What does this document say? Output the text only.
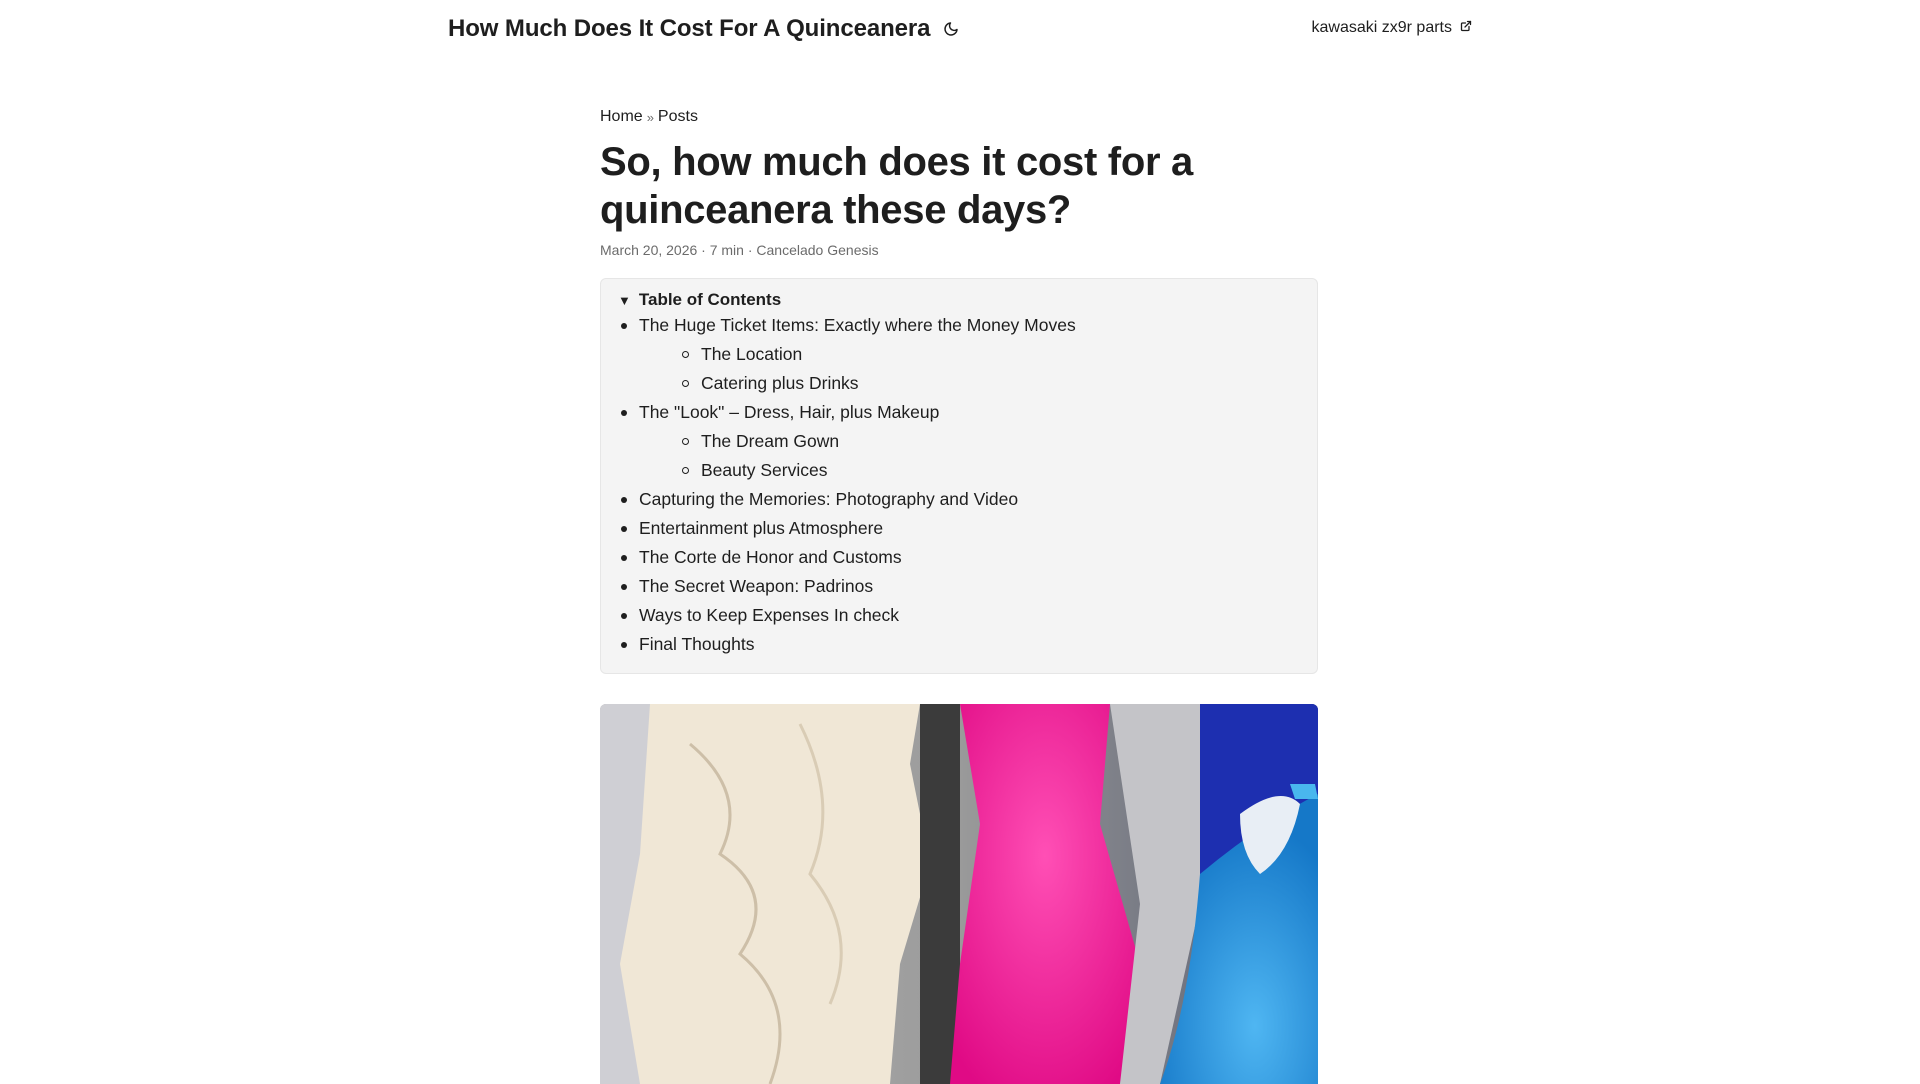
How Much Does It Cost For A Quinceanera	kawasaki zx9r parts
Home » Posts
So, how much does it cost for a quinceanera these days?
March 20, 2026 · 7 min · Cancelado Genesis
▼ Table of Contents
The Huge Ticket Items: Exactly where the Money Moves
The Location
Catering plus Drinks
The "Look" – Dress, Hair, plus Makeup
The Dream Gown
Beauty Services
Capturing the Memories: Photography and Video
Entertainment plus Atmosphere
The Corte de Honor and Customs
The Secret Weapon: Padrinos
Ways to Keep Expenses In check
Final Thoughts
